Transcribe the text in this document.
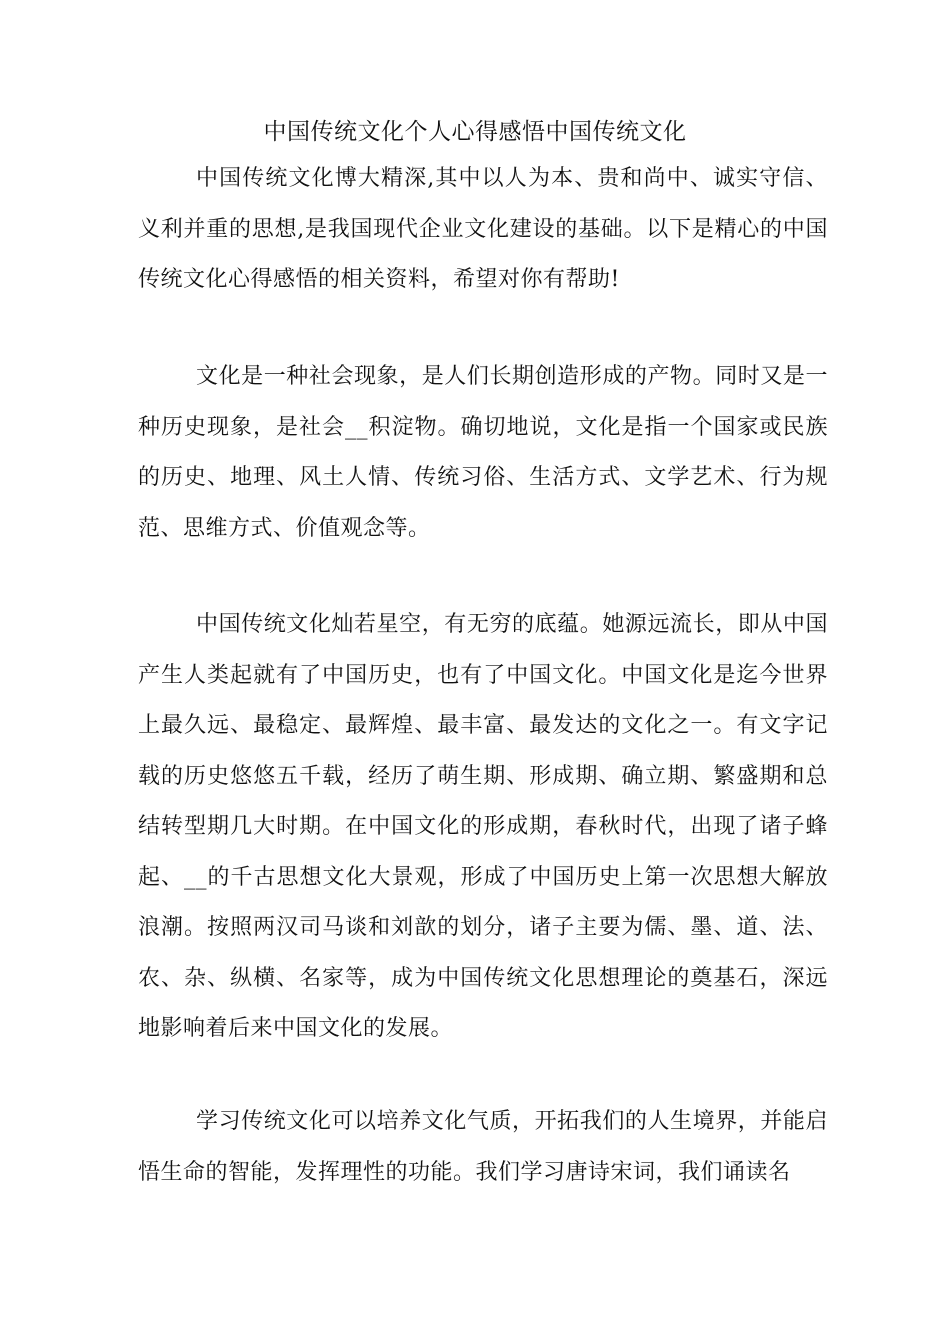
中国传统文化个人心得感悟中国传统文化

中国传统文化博大精深,其中以人为本、贵和尚中、诚实守信、义利并重的思想,是我国现代企业文化建设的基础。以下是精心的中国传统文化心得感悟的相关资料，希望对你有帮助!

文化是一种社会现象，是人们长期创造形成的产物。同时又是一种历史现象，是社会__积淀物。确切地说，文化是指一个国家或民族的历史、地理、风土人情、传统习俗、生活方式、文学艺术、行为规范、思维方式、价值观念等。

中国传统文化灿若星空，有无穷的底蕴。她源远流长，即从中国产生人类起就有了中国历史，也有了中国文化。中国文化是迄今世界上最久远、最稳定、最辉煌、最丰富、最发达的文化之一。有文字记载的历史悠悠五千载，经历了萌生期、形成期、确立期、繁盛期和总结转型期几大时期。在中国文化的形成期，春秋时代，出现了诸子蜂起、__的千古思想文化大景观，形成了中国历史上第一次思想大解放浪潮。按照两汉司马谈和刘歆的划分，诸子主要为儒、墨、道、法、农、杂、纵横、名家等，成为中国传统文化思想理论的奠基石，深远地影响着后来中国文化的发展。

学习传统文化可以培养文化气质，开拓我们的人生境界，并能启悟生命的智能，发挥理性的功能。我们学习唐诗宋词，我们诵读名
